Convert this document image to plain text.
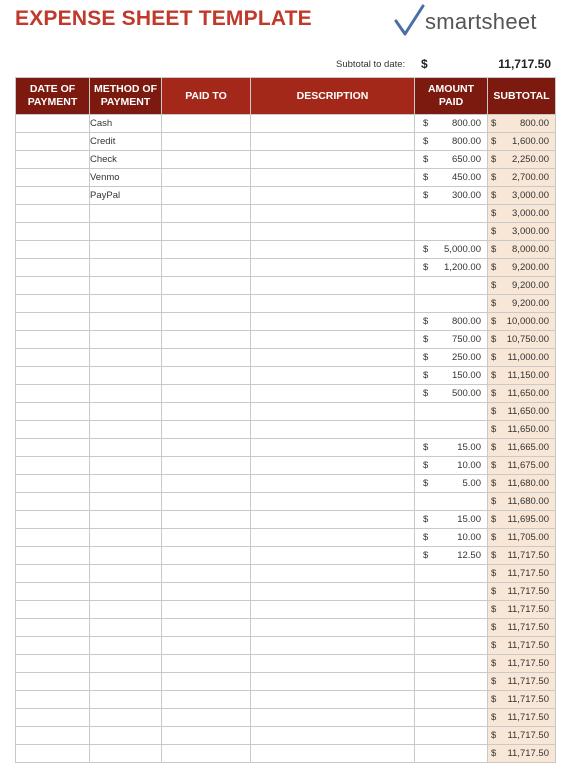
EXPENSE SHEET TEMPLATE	smartsheet
Subtotal to date: $	11,717.50
DATE OF PAYMENT	METHOD OF PAYMENT	PAID TO	DESCRIPTION	AMOUNT PAID	SUBTOTAL
	Cash			$ 800.00	$ 800.00

	Credit			$ 800.00	$ 1,600.00

	Check			$ 650.00	$ 2,250.00

	Venmo			$ 450.00	$ 2,700.00

	PayPal			$ 300.00	$ 3,000.00

					$ 3,000.00

					$ 3,000.00

				$ 5,000.00	$ 8,000.00

				$ 1,200.00	$ 9,200.00

					$ 9,200.00

					$ 9,200.00

				$ 800.00	$ 10,000.00

				$ 750.00	$ 10,750.00

				$ 250.00	$ 11,000.00

				$ 150.00	$ 11,150.00

				$ 500.00	$ 11,650.00

					$ 11,650.00

					$ 11,650.00

				$ 15.00	$ 11,665.00

				$ 10.00	$ 11,675.00

				$ 5.00	$ 11,680.00

					$ 11,680.00

				$ 15.00	$ 11,695.00

				$ 10.00	$ 11,705.00

				$ 12.50	$ 11,717.50

					$ 11,717.50

					$ 11,717.50

					$ 11,717.50

					$ 11,717.50

					$ 11,717.50

					$ 11,717.50

					$ 11,717.50

					$ 11,717.50

					$ 11,717.50

					$ 11,717.50

					$ 11,717.50
